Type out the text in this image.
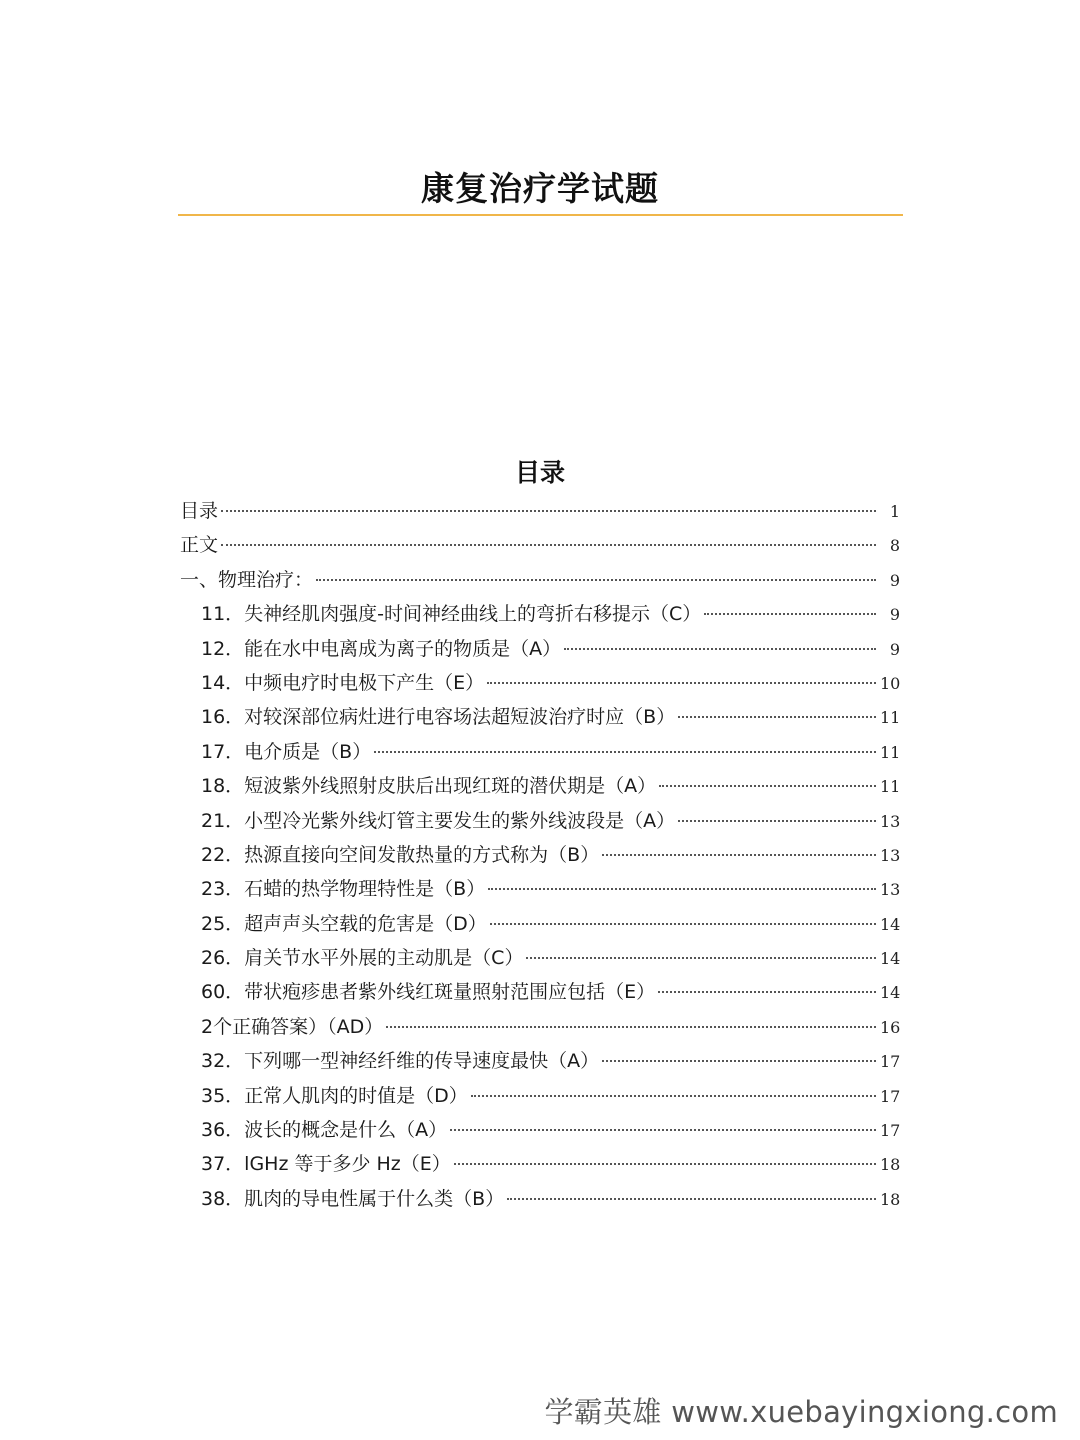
康复治疗学试题
目录
目录	1
正文	8
一、物理治疗：	9
11．失神经肌肉强度-时间神经曲线上的弯折右移提示（C）	9
12．能在水中电离成为离子的物质是（A）	9
14．中频电疗时电极下产生（E）	10
16．对较深部位病灶进行电容场法超短波治疗时应（B）	11
17．电介质是（B）	11
18．短波紫外线照射皮肤后出现红斑的潜伏期是（A）	11
21．小型冷光紫外线灯管主要发生的紫外线波段是（A）	13
22．热源直接向空间发散热量的方式称为（B）	13
23．石蜡的热学物理特性是（B）	13
25．超声声头空载的危害是（D）	14
26．肩关节水平外展的主动肌是（C）	14
60．带状疱疹患者紫外线红斑量照射范围应包括（E）	14
2个正确答案）（AD）	16
32．下列哪一型神经纤维的传导速度最快（A）	17
35．正常人肌肉的时值是（D）	17
36．波长的概念是什么（A）	17
37．lGHz 等于多少 Hz（E）	18
38．肌肉的导电性属于什么类（B）	18
学霸英雄 www.xuebayingxiong.com
